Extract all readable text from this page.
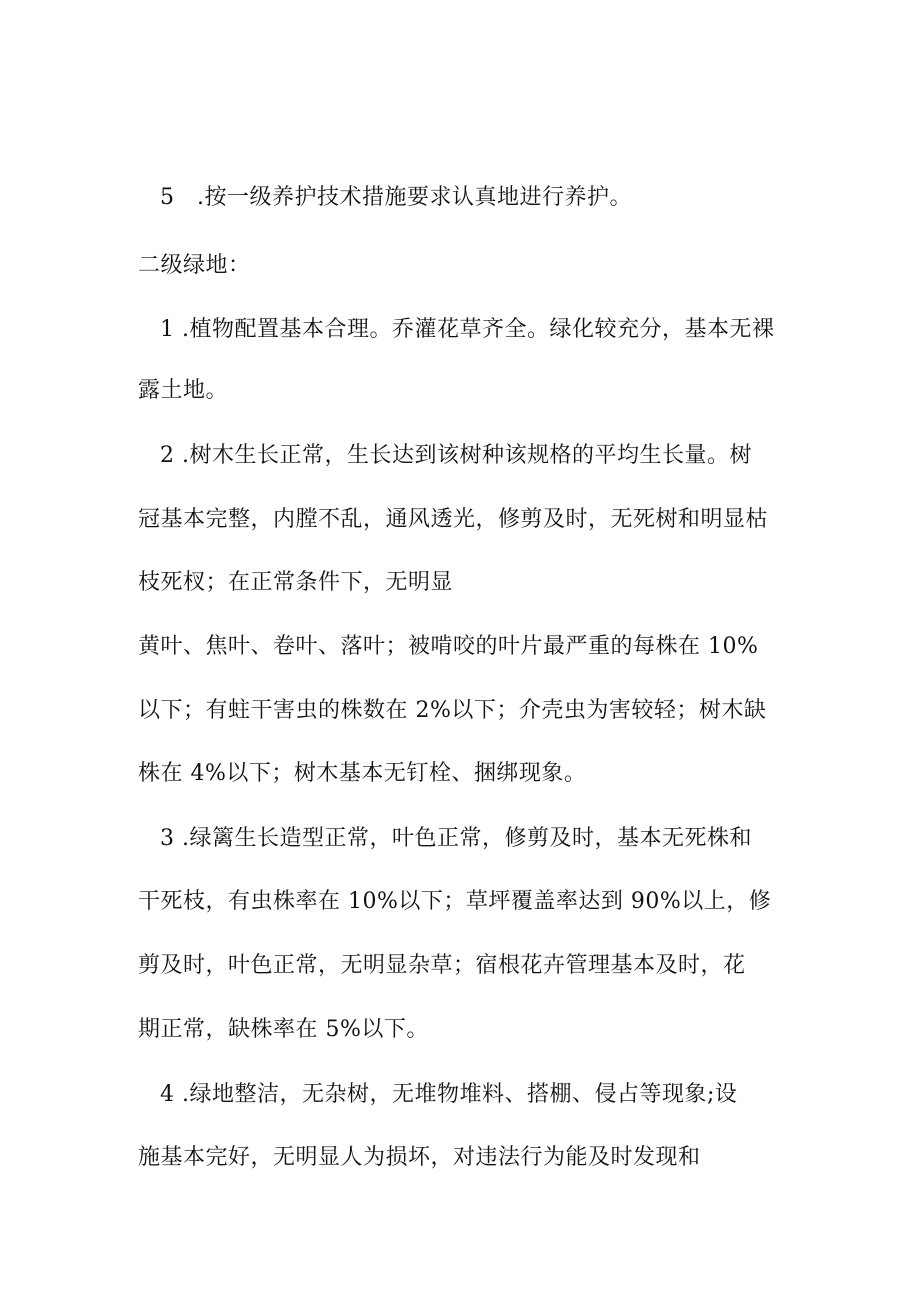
5　.按一级养护技术措施要求认真地进行养护。
二级绿地：
1 .植物配置基本合理。乔灌花草齐全。绿化较充分，基本无裸
露土地。
2 .树木生长正常，生长达到该树种该规格的平均生长量。树
冠基本完整，内膛不乱，通风透光，修剪及时，无死树和明显枯
枝死杈；在正常条件下，无明显
黄叶、焦叶、卷叶、落叶；被啃咬的叶片最严重的每株在 10%
以下；有蛀干害虫的株数在 2%以下；介壳虫为害较轻；树木缺
株在 4%以下；树木基本无钉栓、捆绑现象。
3 .绿篱生长造型正常，叶色正常，修剪及时，基本无死株和
干死枝，有虫株率在 10%以下；草坪覆盖率达到 90%以上，修
剪及时，叶色正常，无明显杂草；宿根花卉管理基本及时，花
期正常，缺株率在 5%以下。
4 .绿地整洁，无杂树，无堆物堆料、搭棚、侵占等现象;设
施基本完好，无明显人为损坏，对违法行为能及时发现和
